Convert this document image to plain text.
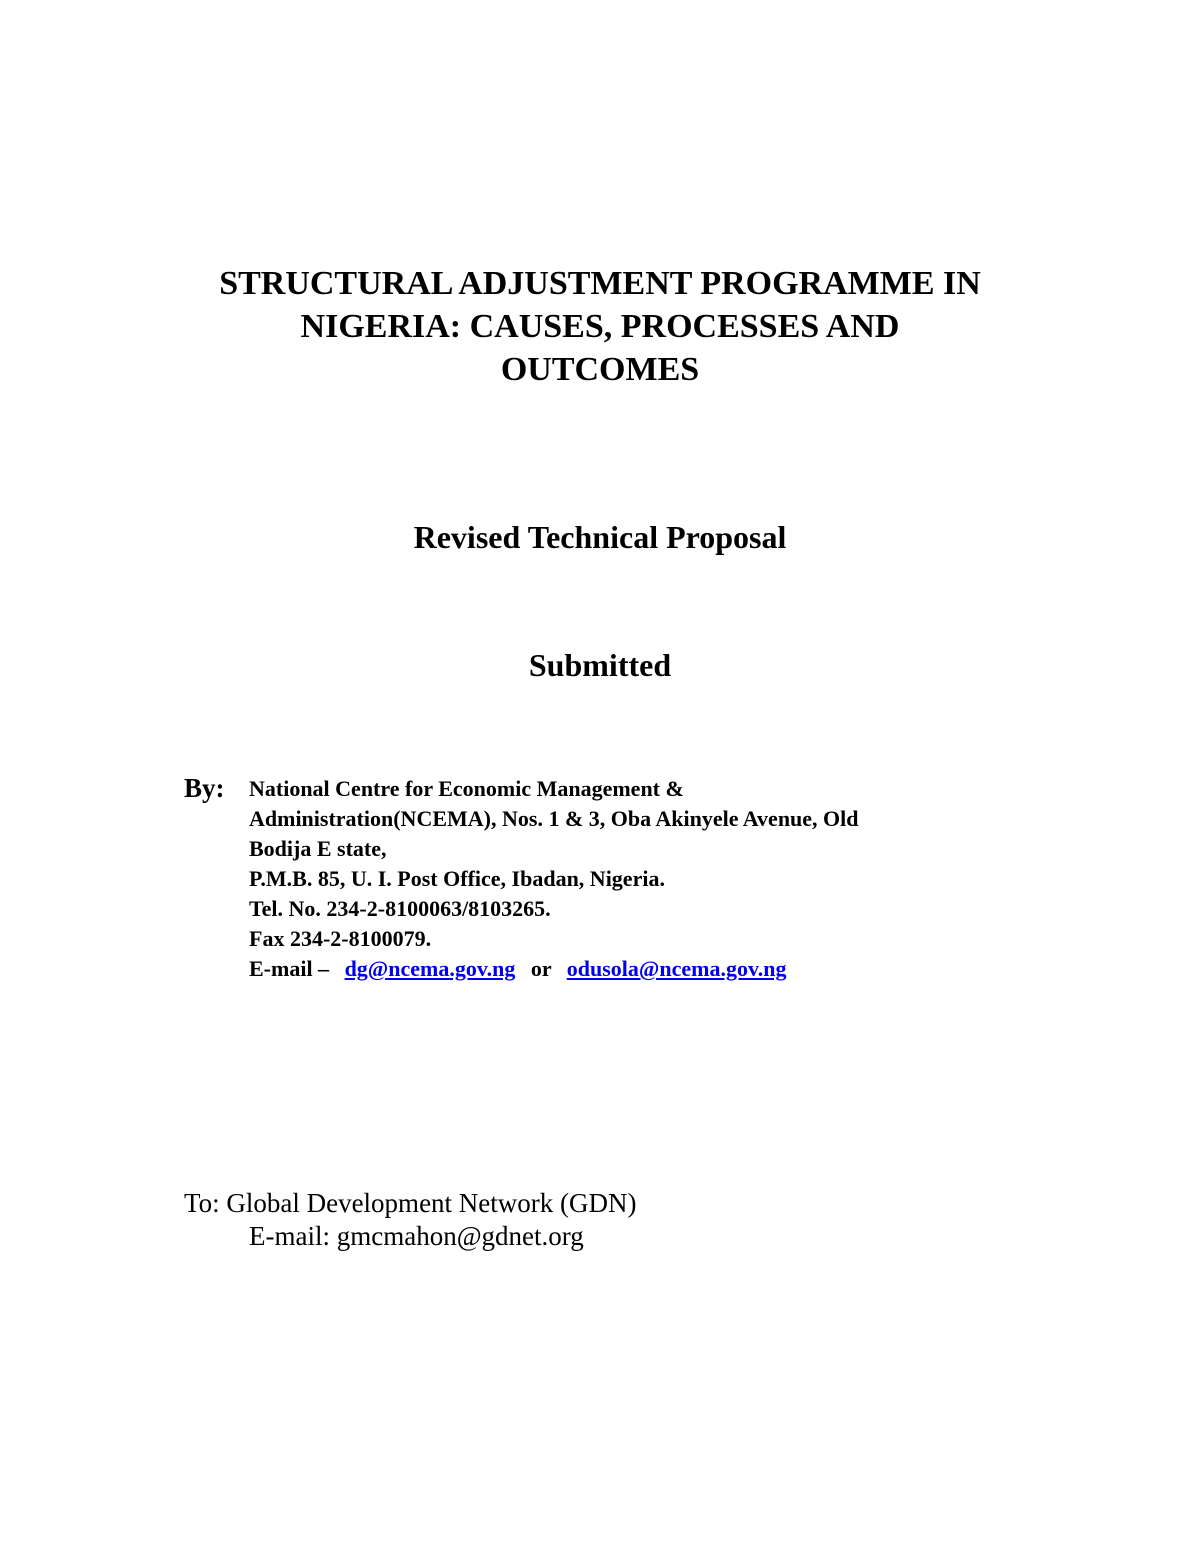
STRUCTURAL ADJUSTMENT PROGRAMME IN
NIGERIA: CAUSES, PROCESSES AND
OUTCOMES
Revised Technical Proposal
Submitted
By: National Centre for Economic Management &
Administration(NCEMA), Nos. 1 & 3, Oba Akinyele Avenue, Old
Bodija E state,
P.M.B. 85, U. I. Post Office, Ibadan, Nigeria.
Tel. No. 234-2-8100063/8103265.
Fax 234-2-8100079.
E-mail – dg@ncema.gov.ng or odusola@ncema.gov.ng
To: Global Development Network (GDN)
E-mail: gmcmahon@gdnet.org
